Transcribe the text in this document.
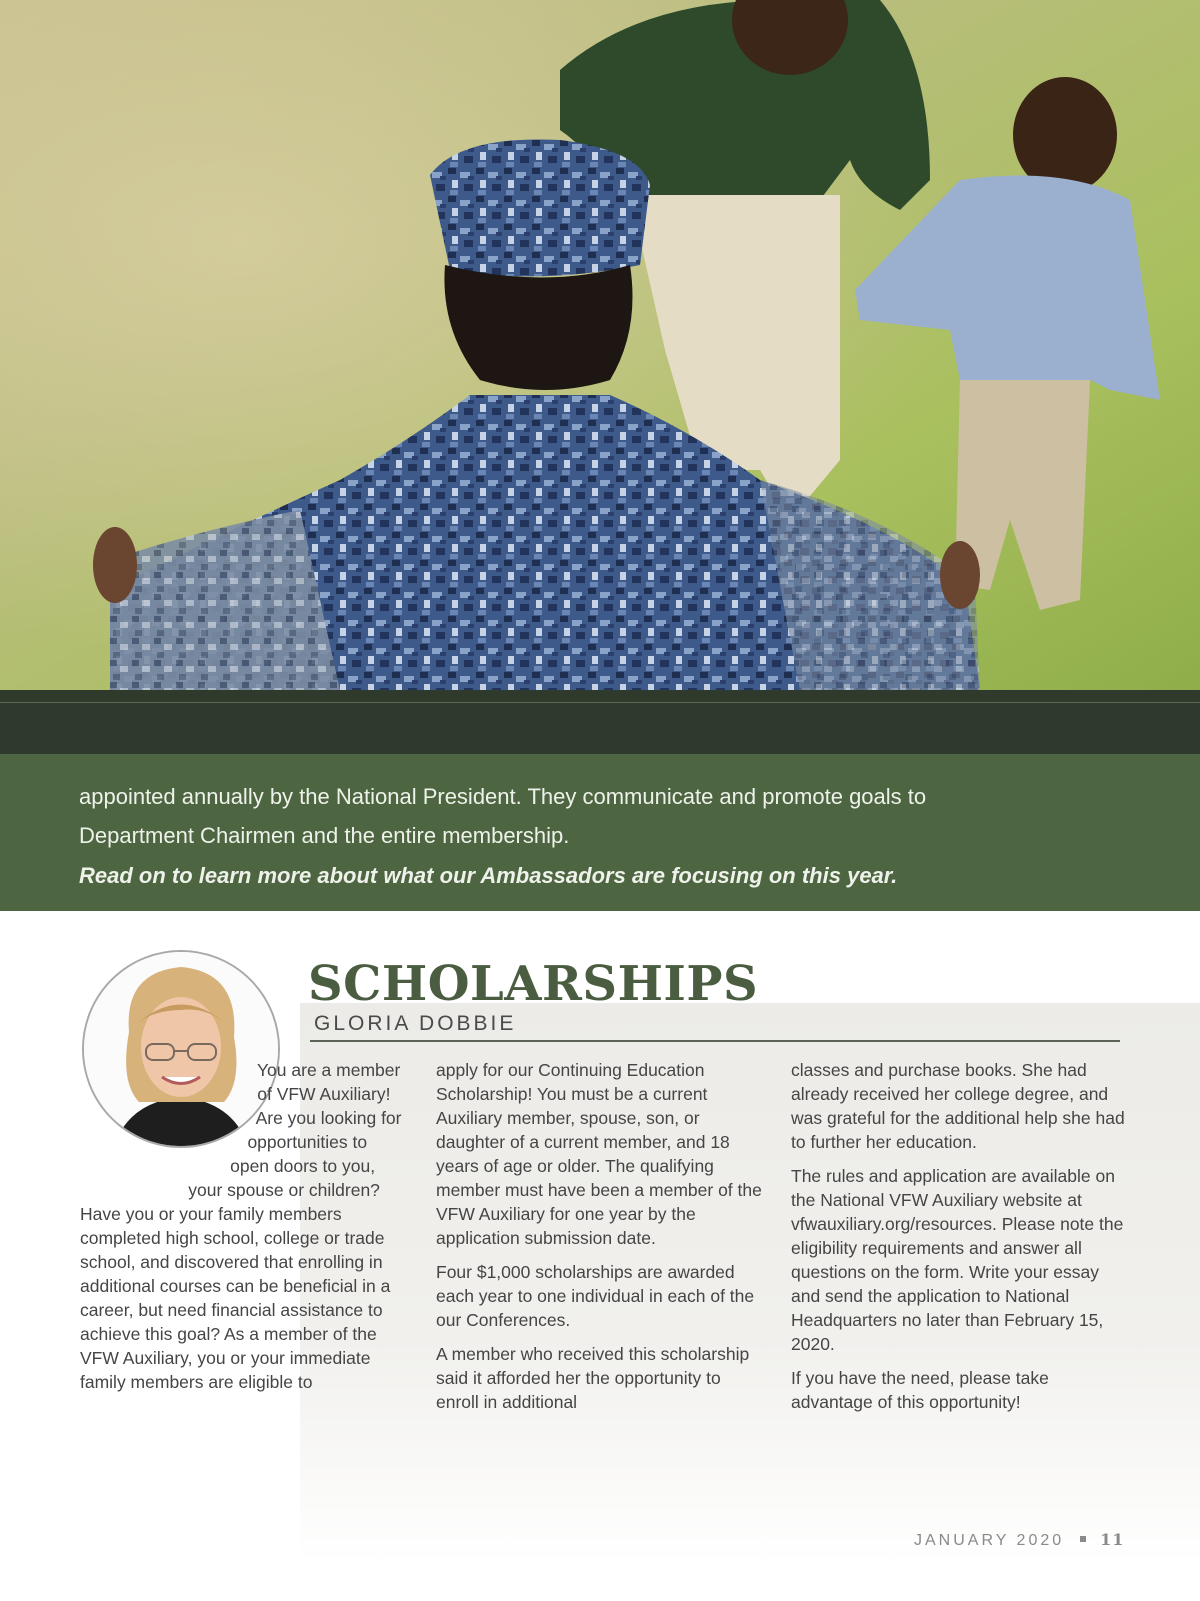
appointed annually by the National President. They communicate and promote goals to

Department Chairmen and the entire membership.

Read on to learn more about what our Ambassadors are focusing on this year.

SCHOLARSHIPS
GLORIA DOBBIE

You are a member of VFW Auxiliary! Are you looking for opportunities to open doors to you, your spouse or children? Have you or your family members completed high school, college or trade school, and discovered that enrolling in additional courses can be beneficial in a career, but need financial assistance to achieve this goal? As a member of the VFW Auxiliary, you or your immediate family members are eligible to

apply for our Continuing Education Scholarship! You must be a current Auxiliary member, spouse, son, or daughter of a current member, and 18 years of age or older. The qualifying member must have been a member of the VFW Auxiliary for one year by the application submission date.

Four $1,000 scholarships are awarded each year to one individual in each of the our Conferences.

A member who received this scholarship said it afforded her the opportunity to enroll in additional

classes and purchase books. She had already received her college degree, and was grateful for the additional help she had to further her education.

The rules and application are available on the National VFW Auxiliary website at vfwauxiliary.org/resources. Please note the eligibility requirements and answer all questions on the form. Write your essay and send the application to National Headquarters no later than February 15, 2020.

If you have the need, please take advantage of this opportunity!

JANUARY 2020 11
